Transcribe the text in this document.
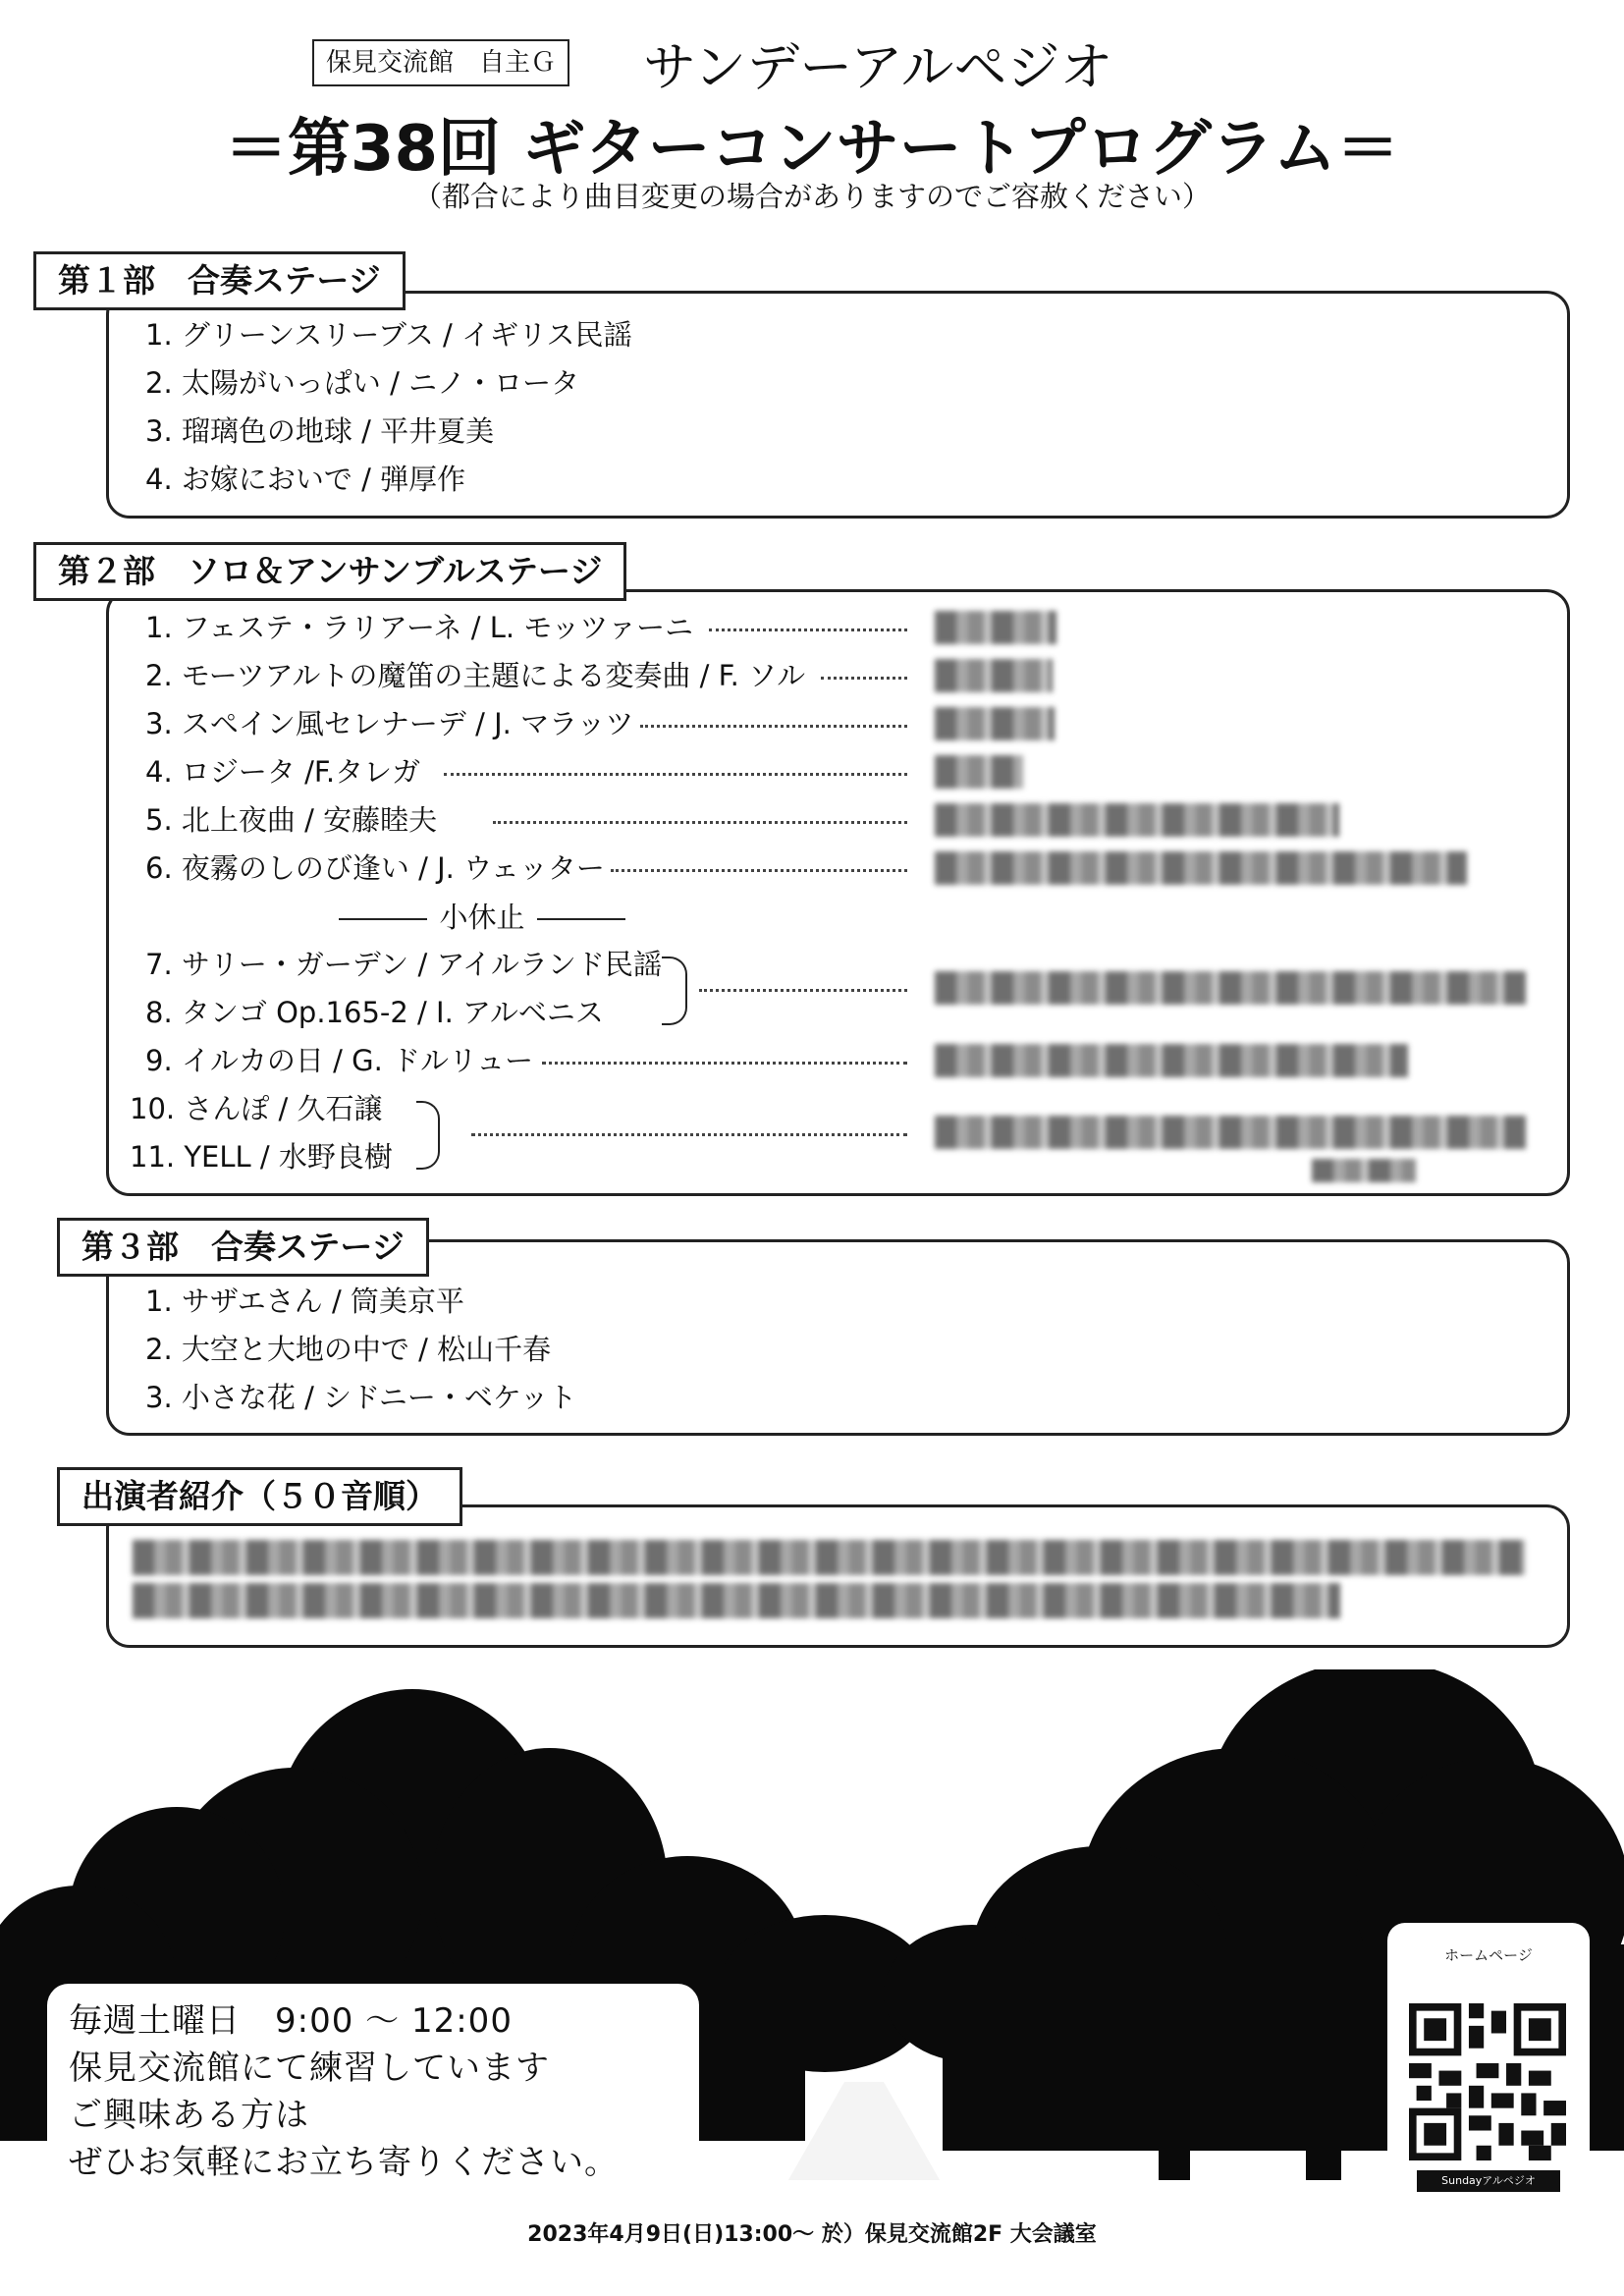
保見交流館　自主Ｇ サンデーアルペジオ
＝第38回 ギターコンサートプログラム＝
（都合により曲目変更の場合がありますのでご容赦ください）
第１部　合奏ステージ
1. グリーンスリーブス / イギリス民謡
2. 太陽がいっぱい / ニノ・ロータ
3. 瑠璃色の地球 / 平井夏美
4. お嫁においで / 弾厚作
第２部　ソロ＆アンサンブルステージ
1. フェステ・ラリアーネ / L. モッツァーニ
2. モーツアルトの魔笛の主題による変奏曲 / F. ソル
3. スペイン風セレナーデ / J. マラッツ
4. ロジータ /F.タレガ
5. 北上夜曲 / 安藤睦夫
6. 夜霧のしのび逢い / J. ウェッター
小休止
7. サリー・ガーデン / アイルランド民謡
8. タンゴ Op.165-2 / I. アルベニス
9. イルカの日 / G. ドルリュー
10. さんぽ / 久石譲
11. YELL / 水野良樹
第３部　合奏ステージ
1. サザエさん / 筒美京平
2. 大空と大地の中で / 松山千春
3. 小さな花 / シドニー・ベケット
出演者紹介（５０音順）
毎週土曜日　9:00 ～ 12:00
保見交流館にて練習しています
ご興味ある方は
ぜひお気軽にお立ち寄りください。
ホームページ
Sundayアルペジオ
2023年4月9日(日)13:00～ 於）保見交流館2F 大会議室
